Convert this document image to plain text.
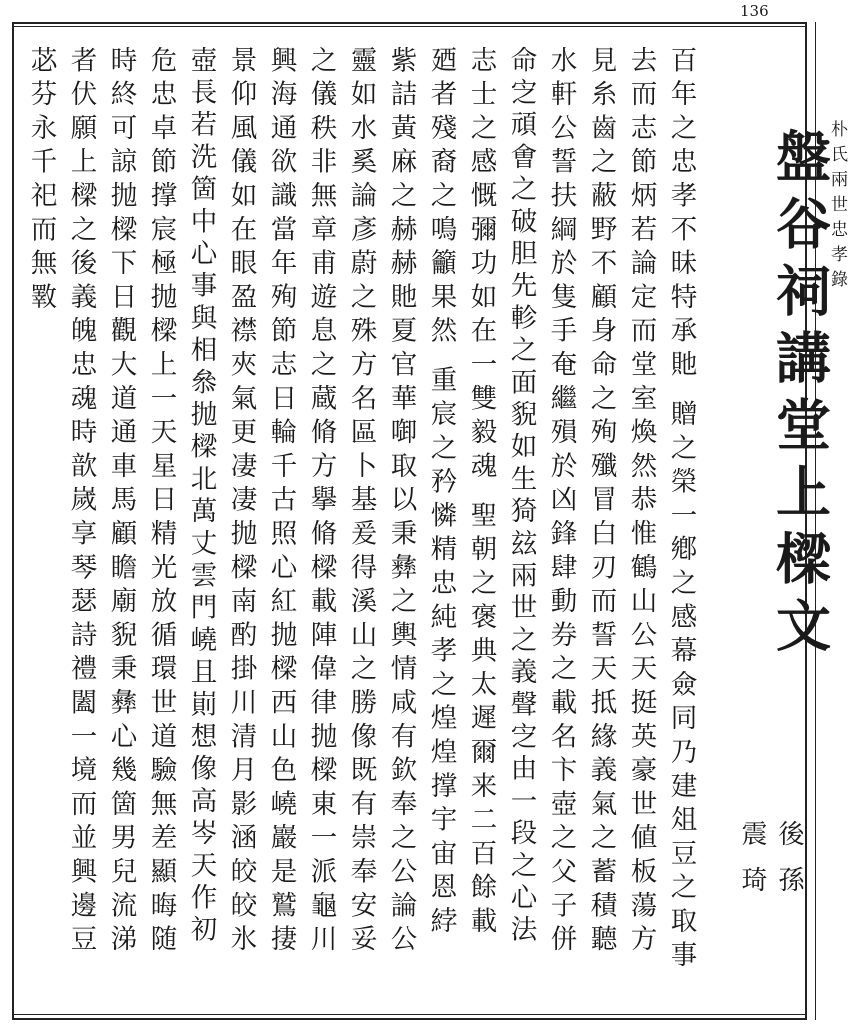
136
朴氏兩世忠孝錄
盤谷祠講堂上樑文
後孫
震琦
百年之忠孝不昧特承貤 贈之榮一鄕之感幕僉同乃建俎豆之取事
去而志節炳若論定而堂室煥然恭惟鶴山公天挺英豪世値板蕩方
見糸齒之蔽野不顧身命之殉殲冒白刃而誓天抵緣義氣之蓄積聽
水軒公誓扶綱於隻手奄繼殞於凶鋒肆動券之載名卞壺之父子併
命㝎頑㑹之破胆先軫之面貎如生猗玆兩世之義聲㝎由一段之心法
志士之感慨彌功如在一雙毅魂 聖朝之褒典太遲爾来二百餘載
廼者殘裔之鳴籲果然 重宸之矜憐精忠純孝之煌煌撑宇宙恩綍
紫詰黃麻之赫赫貤夏官華啣取以秉彝之輿情咸有欽奉之公論公
靈如水奚論彥蔚之殊方名區卜基爰得溪山之勝像既有崇奉安妥
之儀秩非無章甫遊息之蔵脩方擧脩樑載陣偉律抛樑東一派龜川
興海通欲識當年殉節志日輪千古照心紅抛樑西山色嶢巖是鷲捿
景仰風儀如在眼盈襟夾氣更凄凄抛樑南酌掛川清月影涵皎皎氷
壺長若洗箇中心事與相叅抛樑北萬丈雲門嶢且崱想像高岑天作初
危忠卓節撑宸極抛樑上一天星日精光放循環世道驗無差顯晦随
時終可諒抛樑下日觀大道通車馬顧瞻廟貎秉彝心幾箇男兒流涕
者伏願上樑之後義魄忠魂時歆嵗享琴瑟詩禮闔一境而並興邊豆
苾芬永千祀而無斁
